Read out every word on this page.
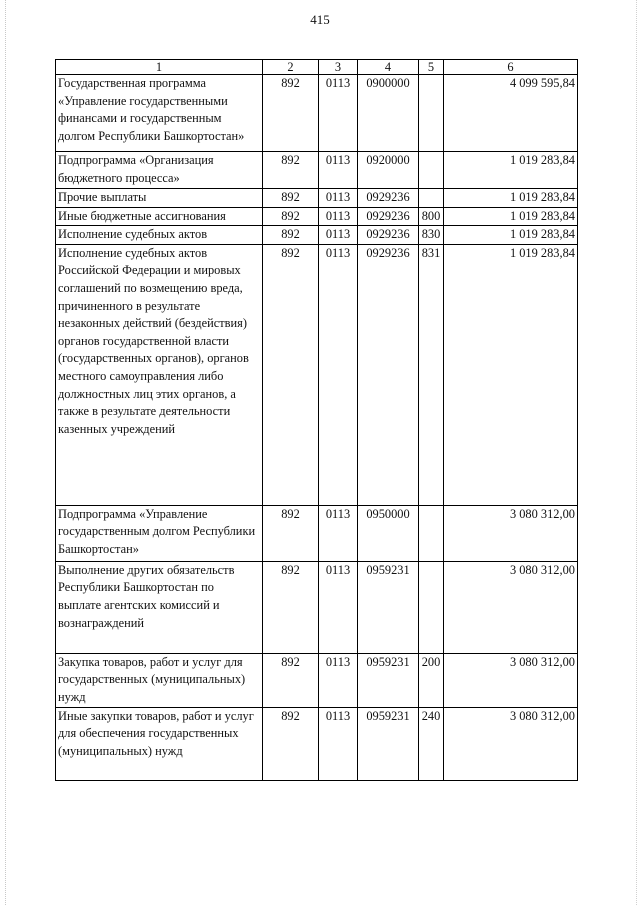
415
1	2	3	4	5	6
Государственная программа «Управление государственными финансами и государственным долгом Республики Башкортостан»	892	0113	0900000		4 099 595,84
Подпрограмма «Организация бюджетного процесса»	892	0113	0920000		1 019 283,84
Прочие выплаты	892	0113	0929236		1 019 283,84
Иные бюджетные ассигнования	892	0113	0929236	800	1 019 283,84
Исполнение судебных актов	892	0113	0929236	830	1 019 283,84
Исполнение судебных актов Российской Федерации и мировых соглашений по возмещению вреда, причиненного в результате незаконных действий (бездействия) органов государственной власти (государственных органов), органов местного самоуправления либо должностных лиц этих органов, а также в результате деятельности казенных учреждений	892	0113	0929236	831	1 019 283,84
Подпрограмма «Управление государственным долгом Республики Башкортостан»	892	0113	0950000		3 080 312,00
Выполнение других обязательств Республики Башкортостан по выплате агентских комиссий и вознаграждений	892	0113	0959231		3 080 312,00
Закупка товаров, работ и услуг для государственных (муниципальных) нужд	892	0113	0959231	200	3 080 312,00
Иные закупки товаров, работ и услуг для обеспечения государственных (муниципальных) нужд	892	0113	0959231	240	3 080 312,00
